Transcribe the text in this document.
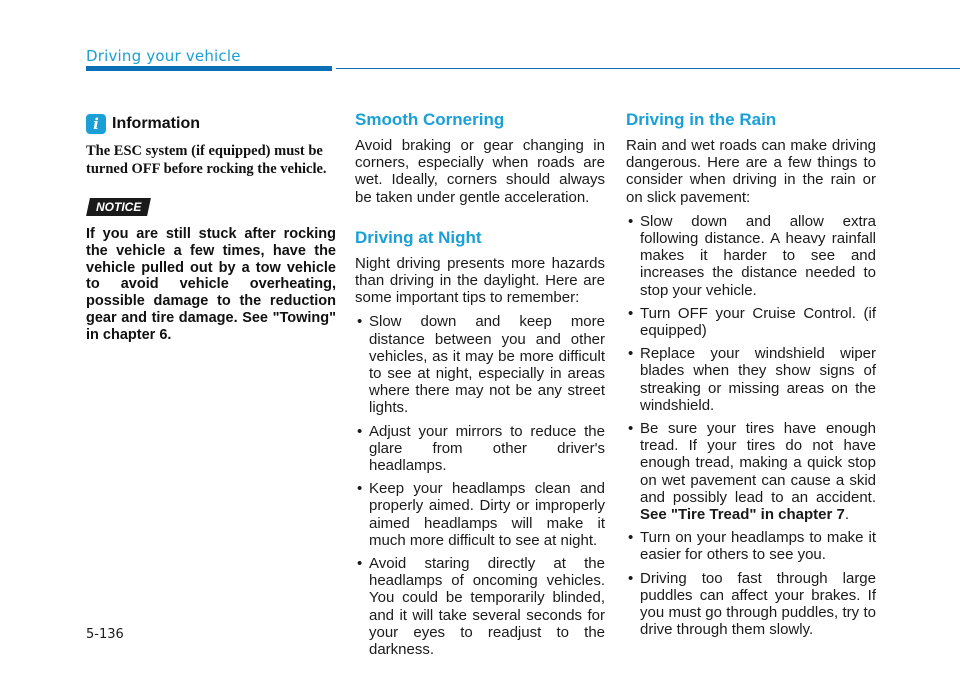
Driving your vehicle
i Information

The ESC system (if equipped) must be turned OFF before rocking the vehicle.

NOTICE

If you are still stuck after rocking the vehicle a few times, have the vehicle pulled out by a tow vehicle to avoid vehicle overheating, possible damage to the reduction gear and tire damage. See "Towing" in chapter 6.

Smooth Cornering

Avoid braking or gear changing in corners, especially when roads are wet. Ideally, corners should always be taken under gentle acceleration.

Driving at Night

Night driving presents more hazards than driving in the daylight. Here are some important tips to remember:

• Slow down and keep more distance between you and other vehicles, as it may be more difficult to see at night, especially in areas where there may not be any street lights.
• Adjust your mirrors to reduce the glare from other driver's headlamps.
• Keep your headlamps clean and properly aimed. Dirty or improperly aimed headlamps will make it much more difficult to see at night.
• Avoid staring directly at the headlamps of oncoming vehicles. You could be temporarily blinded, and it will take several seconds for your eyes to readjust to the darkness.
Driving in the Rain

Rain and wet roads can make driving dangerous. Here are a few things to consider when driving in the rain or on slick pavement:

• Slow down and allow extra following distance. A heavy rainfall makes it harder to see and increases the distance needed to stop your vehicle.
• Turn OFF your Cruise Control. (if equipped)
• Replace your windshield wiper blades when they show signs of streaking or missing areas on the windshield.
• Be sure your tires have enough tread. If your tires do not have enough tread, making a quick stop on wet pavement can cause a skid and possibly lead to an accident. See "Tire Tread" in chapter 7.
• Turn on your headlamps to make it easier for others to see you.
• Driving too fast through large puddles can affect your brakes. If you must go through puddles, try to drive through them slowly.
5-136
